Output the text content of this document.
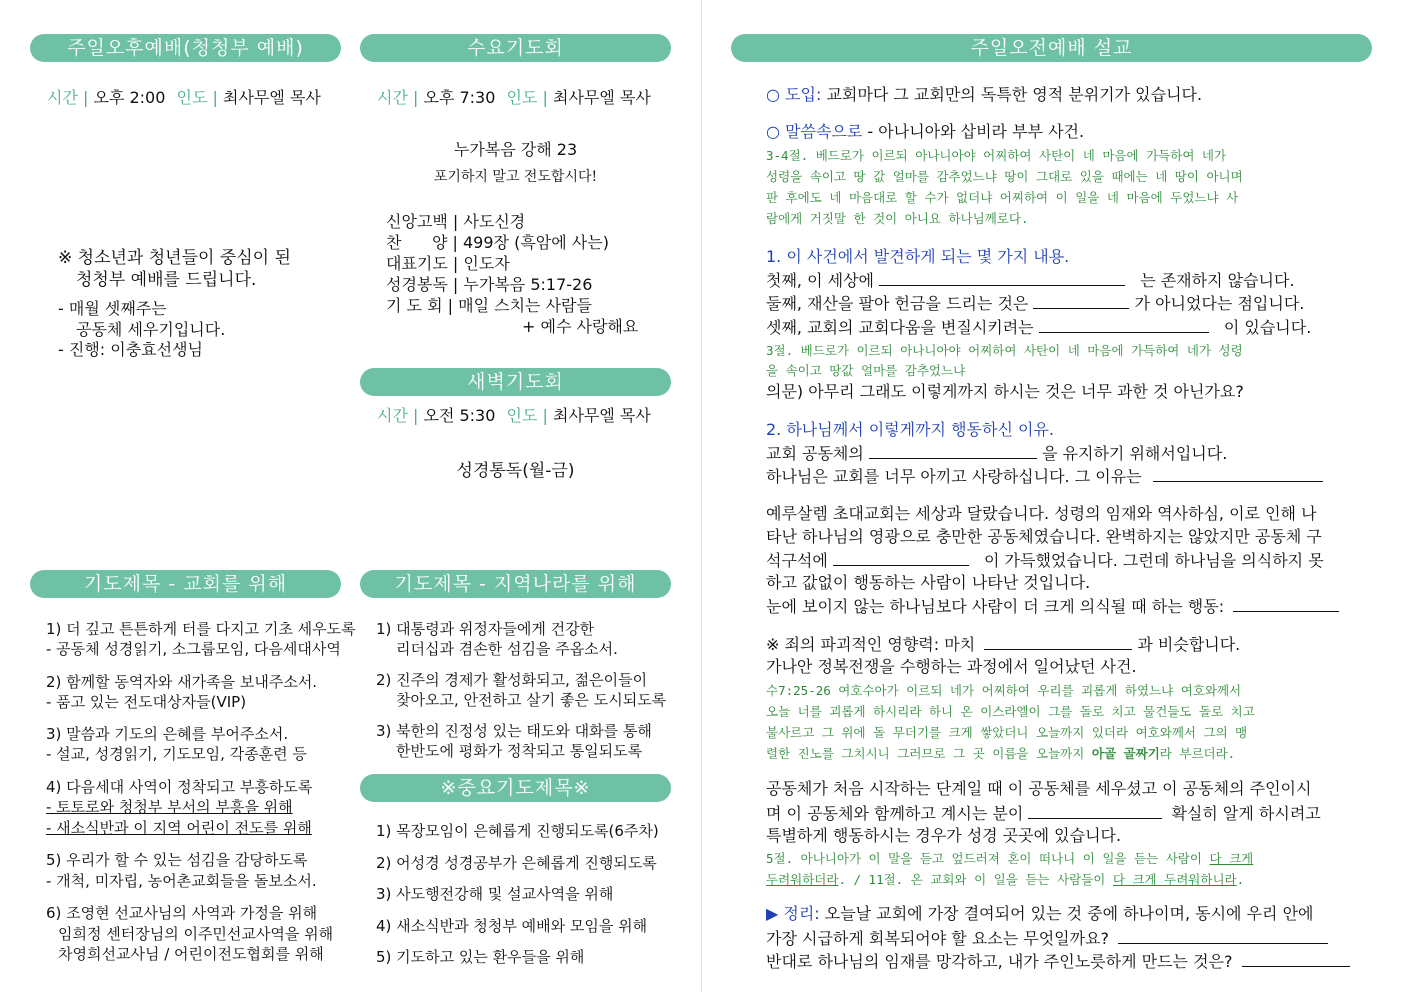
주일오후예배(청청부 예배)
시간 | 오후 2:00 인도 | 최사무엘 목사
※ 청소년과 청년들이 중심이 된
청청부 예배를 드립니다.
- 매월 셋째주는
공동체 세우기입니다.
- 진행: 이충효선생님
수요기도회
시간 | 오후 7:30 인도 | 최사무엘 목사
누가복음 강해 23
포기하지 말고 전도합시다!
신앙고백 | 사도신경
찬      양 | 499장 (흑암에 사는)
대표기도 | 인도자
성경봉독 | 누가복음 5:17-26
기 도 회 | 매일 스치는 사람들
+ 예수 사랑해요
새벽기도회
시간 | 오전 5:30 인도 | 최사무엘 목사
성경통독(월-금)
기도제목 - 교회를 위해
1) 더 깊고 튼튼하게 터를 다지고 기초 세우도록
- 공동체 성경읽기, 소그룹모임, 다음세대사역
2) 함께할 동역자와 새가족을 보내주소서.
- 품고 있는 전도대상자들(VIP)
3) 말씀과 기도의 은혜를 부어주소서.
- 설교, 성경읽기, 기도모임, 각종훈련 등
4) 다음세대 사역이 정착되고 부흥하도록
- 토토로와 청청부 부서의 부흥을 위해
- 새소식반과 이 지역 어린이 전도를 위해
5) 우리가 할 수 있는 섬김을 감당하도록
- 개척, 미자립, 농어촌교회들을 돌보소서.
6) 조영현 선교사님의 사역과 가정을 위해
임희정 센터장님의 이주민선교사역을 위해
차영희선교사님 / 어린이전도협회를 위해
기도제목 - 지역나라를 위해
1) 대통령과 위정자들에게 건강한
리더십과 겸손한 섬김을 주옵소서.
2) 진주의 경제가 활성화되고, 젊은이들이
찾아오고, 안전하고 살기 좋은 도시되도록
3) 북한의 진정성 있는 태도와 대화를 통해
한반도에 평화가 정착되고 통일되도록
※중요기도제목※
1) 목장모임이 은혜롭게 진행되도록(6주차)
2) 어성경 성경공부가 은혜롭게 진행되도록
3) 사도행전강해 및 설교사역을 위해
4) 새소식반과 청청부 예배와 모임을 위해
5) 기도하고 있는 환우들을 위해
주일오전예배 설교
○ 도입: 교회마다 그 교회만의 독특한 영적 분위기가 있습니다.
○ 말씀속으로 - 아나니아와 삽비라 부부 사건.
3-4절. 베드로가 이르되 아나니아야 어찌하여 사탄이 네 마음에 가득하여 네가
성령을 속이고 땅 값 얼마를 감추었느냐 땅이 그대로 있을 때에는 네 땅이 아니며
판 후에도 네 마음대로 할 수가 없더냐 어찌하여 이 일을 네 마음에 두었느냐 사
람에게 거짓말 한 것이 아니요 하나님께로다.
1. 이 사건에서 발견하게 되는 몇 가지 내용.
첫째, 이 세상에	는 존재하지 않습니다.
둘째, 재산을 팔아 헌금을 드리는 것은	가 아니었다는 점입니다.
셋째, 교회의 교회다움을 변질시키려는	이 있습니다.
3절. 베드로가 이르되 아나니아야 어찌하여 사탄이 네 마음에 가득하여 네가 성령
을 속이고 땅값 얼마를 감추었느냐
의문) 아무리 그래도 이렇게까지 하시는 것은 너무 과한 것 아닌가요?
2. 하나님께서 이렇게까지 행동하신 이유.
교회 공동체의	을 유지하기 위해서입니다.
하나님은 교회를 너무 아끼고 사랑하십니다. 그 이유는
예루살렘 초대교회는 세상과 달랐습니다. 성령의 임재와 역사하심, 이로 인해 나
타난 하나님의 영광으로 충만한 공동체였습니다. 완벽하지는 않았지만 공동체 구
석구석에	이 가득했었습니다. 그런데 하나님을 의식하지 못
하고 값없이 행동하는 사람이 나타난 것입니다.
눈에 보이지 않는 하나님보다 사람이 더 크게 의식될 때 하는 행동:
※ 죄의 파괴적인 영향력: 마치	과 비슷합니다.
가나안 정복전쟁을 수행하는 과정에서 일어났던 사건.
수7:25-26 여호수아가 이르되 네가 어찌하여 우리를 괴롭게 하였느냐 여호와께서
오늘 너를 괴롭게 하시리라 하니 온 이스라엘이 그를 돌로 치고 물건들도 돌로 치고
불사르고 그 위에 돌 무더기를 크게 쌓았더니 오늘까지 있더라 여호와께서 그의 맹
렬한 진노를 그치시니 그러므로 그 곳 이름을 오늘까지 아골 골짜기라 부르더라.
공동체가 처음 시작하는 단계일 때 이 공동체를 세우셨고 이 공동체의 주인이시
며 이 공동체와 함께하고 계시는 분이	확실히 알게 하시려고
특별하게 행동하시는 경우가 성경 곳곳에 있습니다.
5절. 아나니아가 이 말을 듣고 엎드러져 혼이 떠나니 이 일을 듣는 사람이 다 크게
두려워하더라. / 11절. 온 교회와 이 일을 듣는 사람들이 다 크게 두려워하니라.
▶ 정리: 오늘날 교회에 가장 결여되어 있는 것 중에 하나이며, 동시에 우리 안에
가장 시급하게 회복되어야 할 요소는 무엇일까요?
반대로 하나님의 임재를 망각하고, 내가 주인노릇하게 만드는 것은?
